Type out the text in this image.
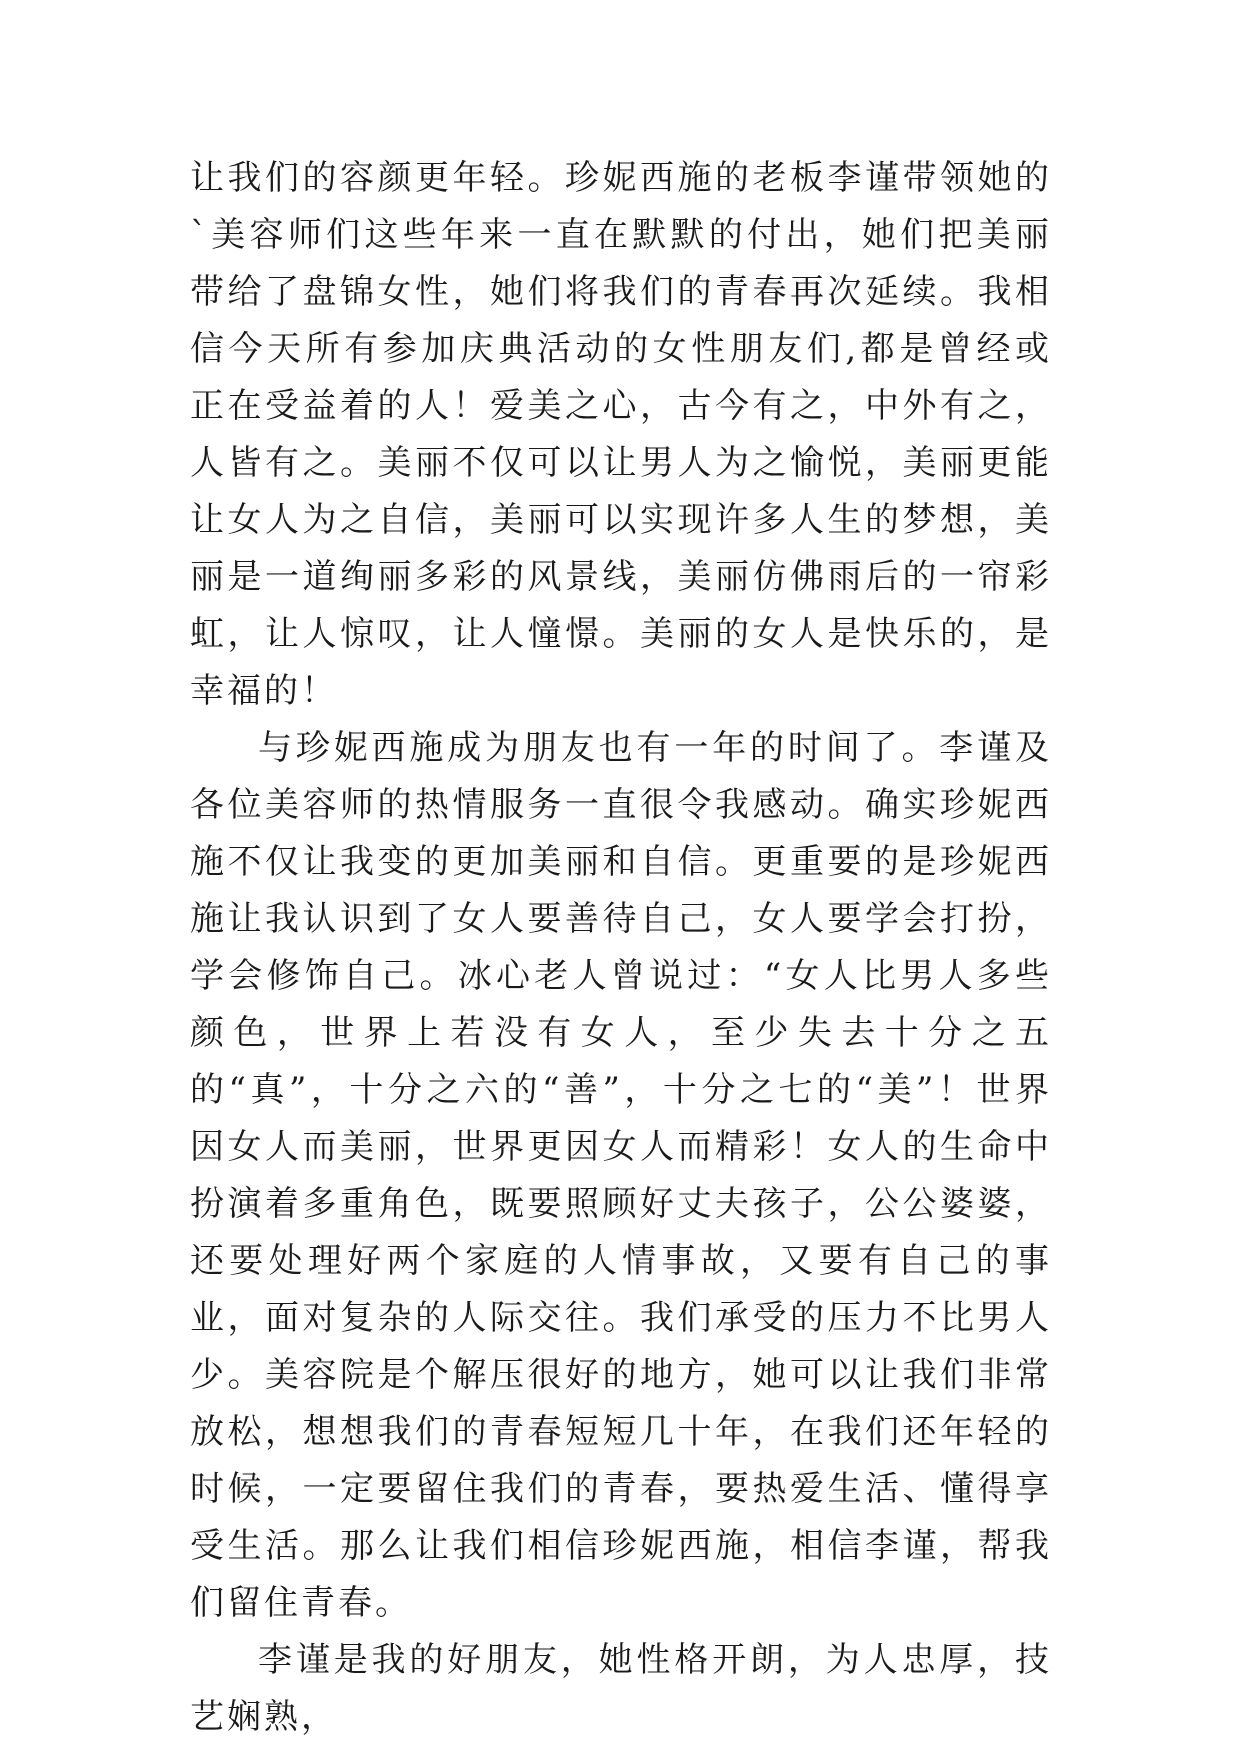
让我们的容颜更年轻。珍妮西施的老板李谨带领她的`美容师们这些年来一直在默默的付出，她们把美丽带给了盘锦女性，她们将我们的青春再次延续。我相信今天所有参加庆典活动的女性朋友们,都是曾经或正在受益着的人！爱美之心，古今有之，中外有之，人皆有之。美丽不仅可以让男人为之愉悦，美丽更能让女人为之自信，美丽可以实现许多人生的梦想，美丽是一道绚丽多彩的风景线，美丽仿佛雨后的一帘彩虹，让人惊叹，让人憧憬。美丽的女人是快乐的，是幸福的！

与珍妮西施成为朋友也有一年的时间了。李谨及各位美容师的热情服务一直很令我感动。确实珍妮西施不仅让我变的更加美丽和自信。更重要的是珍妮西施让我认识到了女人要善待自己，女人要学会打扮，学会修饰自己。冰心老人曾说过：“女人比男人多些颜色，世界上若没有女人，至少失去十分之五的“真”，十分之六的“善”，十分之七的“美”！世界因女人而美丽，世界更因女人而精彩！女人的生命中扮演着多重角色，既要照顾好丈夫孩子，公公婆婆，还要处理好两个家庭的人情事故，又要有自己的事业，面对复杂的人际交往。我们承受的压力不比男人少。美容院是个解压很好的地方，她可以让我们非常放松，想想我们的青春短短几十年，在我们还年轻的时候，一定要留住我们的青春，要热爱生活、懂得享受生活。那么让我们相信珍妮西施，相信李谨，帮我们留住青春。

李谨是我的好朋友，她性格开朗，为人忠厚，技艺娴熟，
